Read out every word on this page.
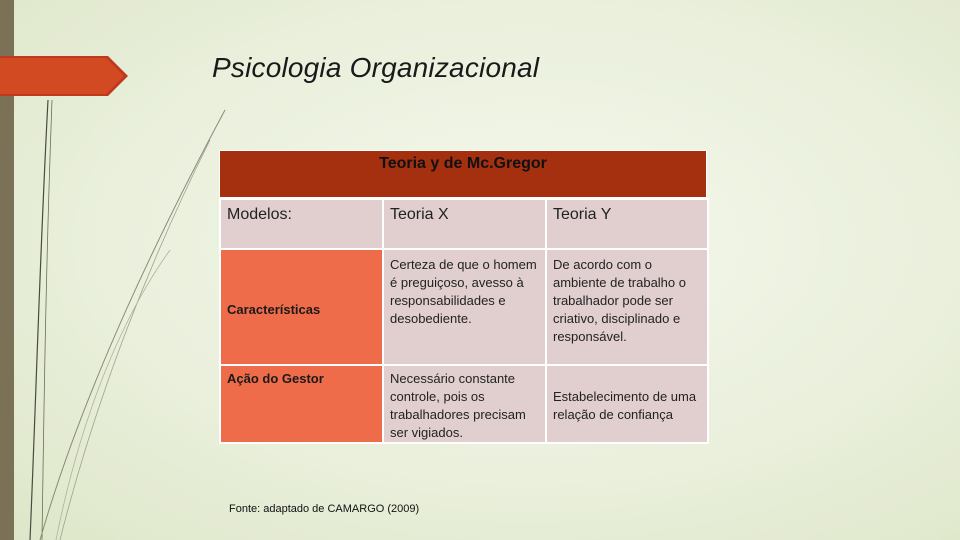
Psicologia Organizacional
Teoria y de Mc.Gregor
Modelos:	Teoria X	Teoria Y
Características	Certeza de que o homem é preguiçoso, avesso à responsabilidades e desobediente.	De acordo com o ambiente de trabalho o trabalhador pode ser criativo, disciplinado e responsável.
Ação do Gestor	Necessário constante controle, pois os trabalhadores precisam ser vigiados.	Estabelecimento de uma relação de confiança
Fonte: adaptado de CAMARGO (2009)
